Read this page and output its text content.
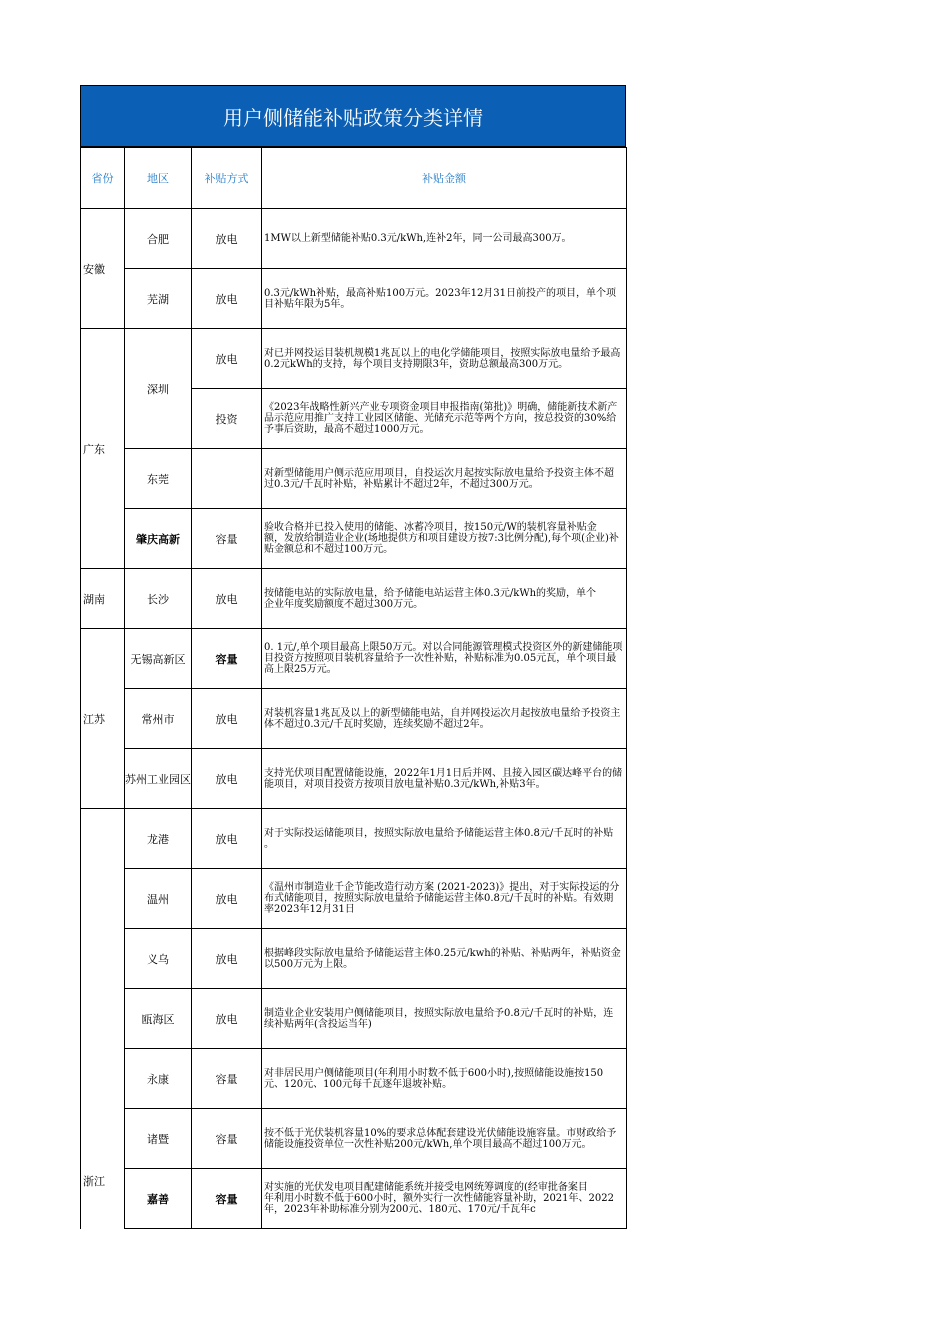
用户侧储能补贴政策分类详情
省份	地区	补贴方式	补贴金额
安徽	合肥	放电	1MW以上新型储能补贴0.3元/kWh,连补2年，同一公司最高300万。
	芜湖	放电	0.3元/kWh补贴，最高补贴100万元。2023年12月31日前投产的项目，单个项目补贴年限为5年。
广东	深圳	放电	对已并网投运目装机规模1兆瓦以上的电化学储能项目，按照实际放电量给予最高0.2元kWh的支持，每个项目支持期限3年，资助总额最高300万元。
		投资	《2023年战略性新兴产业专项资金项目申报指南(第批)》明确，储能新技术新产品示范应用推广支持工业园区储能、光储充示范等两个方向，按总投资的30%给予事后资助，最高不超过1000万元。
	东莞		对新型储能用户侧示范应用项目，自投运次月起按实际放电量给予投资主体不超过0.3元/千瓦时补贴，补贴累计不超过2年，不超过300万元。
	肇庆高新	容量	验收合格并已投入使用的储能、冰蓄冷项目，按150元/W的装机容量补贴金
额，发放给制造业企业(场地提供方和项目建设方按7:3比例分配),每个项(企业)补贴金额总和不超过100万元。
湖南	长沙	放电	按储能电站的实际放电量，给予储能电站运营主体0.3元/kWh的奖励，单个
企业年度奖励额度不超过300万元。
江苏	无锡高新区	容量	0. 1元/,单个项目最高上限50万元。对以合同能源管理模式投资区外的新建储能项目投资方按照项目装机容量给予一次性补贴，补贴标准为0.05元瓦，单个项目最高上限25万元。
	常州市	放电	对装机容量1兆瓦及以上的新型储能电站，自并网投运次月起按放电量给予投资主体不超过0.3元/千瓦时奖励，连续奖励不超过2年。
	苏州工业园区	放电	支持光伏项目配置储能设施，2022年1月1日后并网、且接入园区碳达峰平台的储能项目，对项目投资方按项目放电量补贴0.3元/kWh,补贴3年。
浙江	龙港	放电	对于实际投运储能项目，按照实际放电量给予储能运营主体0.8元/千瓦时的补贴 。
	温州	放电	《温州市制造业千企节能改造行动方案 (2021-2023)》提出，对于实际投运的分布式储能项目，按照实际放电量给予储能运营主体0.8元/千瓦时的补贴。有效期率2023年12月31日
	义乌	放电	根据峰段实际放电量给予储能运营主体0.25元/kwh的补贴、补贴两年，补贴资金以500万元为上限。
	瓯海区	放电	制造业企业安装用户侧储能项目，按照实际放电量给予0.8元/千瓦时的补贴，连续补贴两年(含投运当年)
	永康	容量	对非居民用户侧储能项目(年利用小时数不低于600小时),按照储能设施按150元、120元、100元每千瓦逐年退坡补贴。
	诸暨	容量	按不低于光伏装机容量10%的要求总体配套建设光伏储能设施容量。市财政给予储能设施投资单位一次性补贴200元/kWh,单个项目最高不超过100万元。
	嘉善	容量	对实施的光伏发电项目配建储能系统并接受电网统筹调度的(经审批备案目
年利用小时数不低于600小时，额外实行一次性储能容量补助，2021年、2022年，2023年补助标准分别为200元、180元、170元/千瓦年c
